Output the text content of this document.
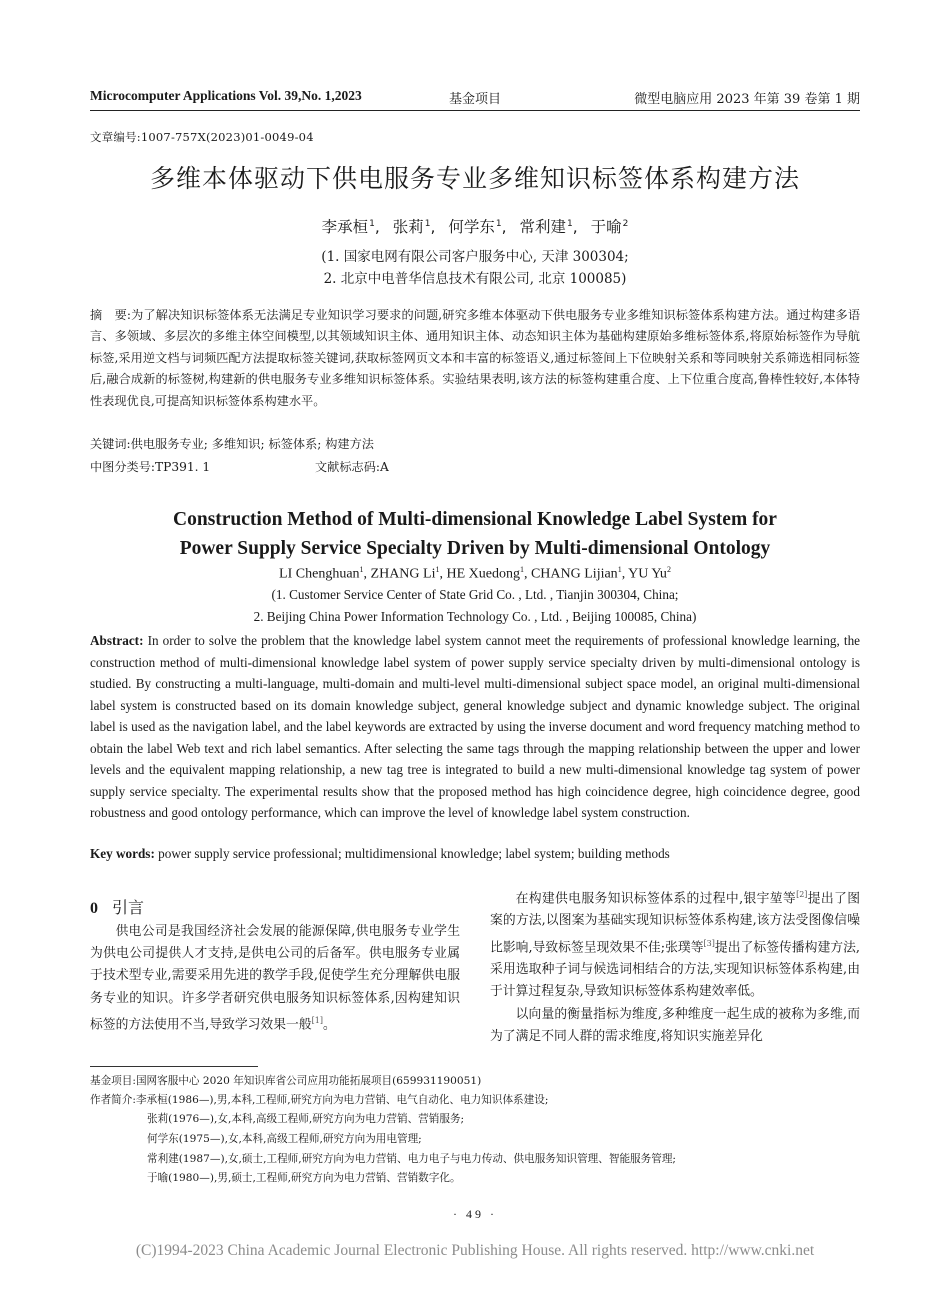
Microcomputer Applications Vol. 39,No. 1,2023	基金项目	微型电脑应用 2023 年第 39 卷第 1 期
文章编号:1007-757X(2023)01-0049-04
多维本体驱动下供电服务专业多维知识标签体系构建方法
李承桓$^1$, 张莉$^1$, 何学东$^1$, 常利建$^1$, 于喻$^2$
(1. 国家电网有限公司客户服务中心, 天津 300304;
2. 北京中电普华信息技术有限公司, 北京 100085)
摘　要:为了解决知识标签体系无法满足专业知识学习要求的问题,研究多维本体驱动下供电服务专业多维知识标签体系构建方法。通过构建多语言、多领域、多层次的多维主体空间模型,以其领域知识主体、通用知识主体、动态知识主体为基础构建原始多维标签体系,将原始标签作为导航标签,采用逆文档与词频匹配方法提取标签关键词,获取标签网页文本和丰富的标签语义,通过标签间上下位映射关系和等同映射关系筛选相同标签后,融合成新的标签树,构建新的供电服务专业多维知识标签体系。实验结果表明,该方法的标签构建重合度、上下位重合度高,鲁棒性较好,本体特性表现优良,可提高知识标签体系构建水平。
关键词:供电服务专业; 多维知识; 标签体系; 构建方法
中图分类号:TP391. 1	文献标志码:A
Construction Method of Multi-dimensional Knowledge Label System for
Power Supply Service Specialty Driven by Multi-dimensional Ontology
LI Chenghuan$^1$, ZHANG Li$^1$, HE Xuedong$^1$, CHANG Lijian$^1$, YU Yu$^2$
(1. Customer Service Center of State Grid Co. , Ltd. , Tianjin 300304, China;
2. Beijing China Power Information Technology Co. , Ltd. , Beijing 100085, China)
Abstract: In order to solve the problem that the knowledge label system cannot meet the requirements of professional knowledge learning, the construction method of multi-dimensional knowledge label system of power supply service specialty driven by multi-dimensional ontology is studied. By constructing a multi-language, multi-domain and multi-level multi-dimensional subject space model, an original multi-dimensional label system is constructed based on its domain knowledge subject, general knowledge subject and dynamic knowledge subject. The original label is used as the navigation label, and the label keywords are extracted by using the inverse document and word frequency matching method to obtain the label Web text and rich label semantics. After selecting the same tags through the mapping relationship between the upper and lower levels and the equivalent mapping relationship, a new tag tree is integrated to build a new multi-dimensional knowledge tag system of power supply service specialty. The experimental results show that the proposed method has high coincidence degree, high coincidence degree, good robustness and good ontology performance, which can improve the level of knowledge label system construction.
Key words: power supply service professional; multidimensional knowledge; label system; building methods
0 引言
供电公司是我国经济社会发展的能源保障,供电服务专业学生为供电公司提供人才支持,是供电公司的后备军。供电服务专业属于技术型专业,需要采用先进的教学手段,促使学生充分理解供电服务专业的知识。许多学者研究供电服务知识标签体系,因构建知识标签的方法使用不当,导致学习效果一般[1]。
在构建供电服务知识标签体系的过程中,银宇堃等[2]提出了图案的方法,以图案为基础实现知识标签体系构建,该方法受图像信噪比影响,导致标签呈现效果不佳;张璞等[3]提出了标签传播构建方法,采用选取种子词与候选词相结合的方法,实现知识标签体系构建,由于计算过程复杂,导致知识标签体系构建效率低。
以向量的衡量指标为维度,多种维度一起生成的被称为多维,而为了满足不同人群的需求维度,将知识实施差异化
基金项目:国网客服中心 2020 年知识库省公司应用功能拓展项目(659931190051)
作者简介:李承桓(1986—),男,本科,工程师,研究方向为电力营销、电气自动化、电力知识体系建设;
张莉(1976—),女,本科,高级工程师,研究方向为电力营销、营销服务;
何学东(1975—),女,本科,高级工程师,研究方向为用电管理;
常利建(1987—),女,硕士,工程师,研究方向为电力营销、电力电子与电力传动、供电服务知识管理、智能服务管理;
于喻(1980—),男,硕士,工程师,研究方向为电力营销、营销数字化。
· 49 ·
(C)1994-2023 China Academic Journal Electronic Publishing House. All rights reserved. http://www.cnki.net
